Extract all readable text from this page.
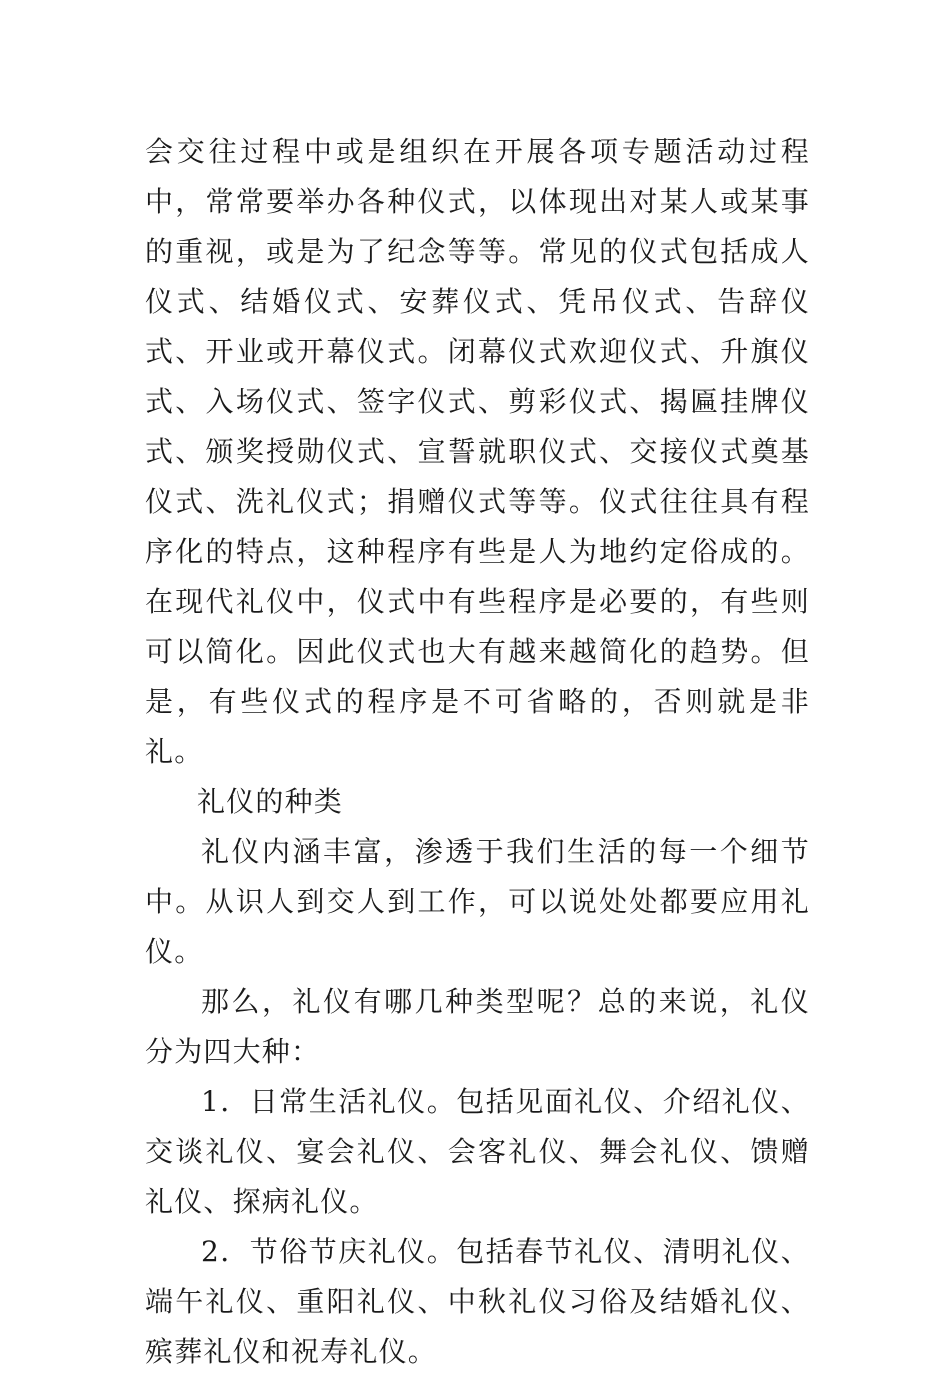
会交往过程中或是组织在开展各项专题活动过程中，常常要举办各种仪式，以体现出对某人或某事的重视，或是为了纪念等等。常见的仪式包括成人仪式、结婚仪式、安葬仪式、凭吊仪式、告辞仪式、开业或开幕仪式。闭幕仪式欢迎仪式、升旗仪式、入场仪式、签字仪式、剪彩仪式、揭匾挂牌仪式、颁奖授勋仪式、宣誓就职仪式、交接仪式奠基仪式、洗礼仪式；捐赠仪式等等。仪式往往具有程序化的特点，这种程序有些是人为地约定俗成的。在现代礼仪中，仪式中有些程序是必要的，有些则可以简化。因此仪式也大有越来越简化的趋势。但是，有些仪式的程序是不可省略的，否则就是非礼。

礼仪的种类

礼仪内涵丰富，渗透于我们生活的每一个细节中。从识人到交人到工作，可以说处处都要应用礼仪。

那么，礼仪有哪几种类型呢？总的来说，礼仪分为四大种：

1．日常生活礼仪。包括见面礼仪、介绍礼仪、交谈礼仪、宴会礼仪、会客礼仪、舞会礼仪、馈赠礼仪、探病礼仪。

2．节俗节庆礼仪。包括春节礼仪、清明礼仪、端午礼仪、重阳礼仪、中秋礼仪习俗及结婚礼仪、殡葬礼仪和祝寿礼仪。
